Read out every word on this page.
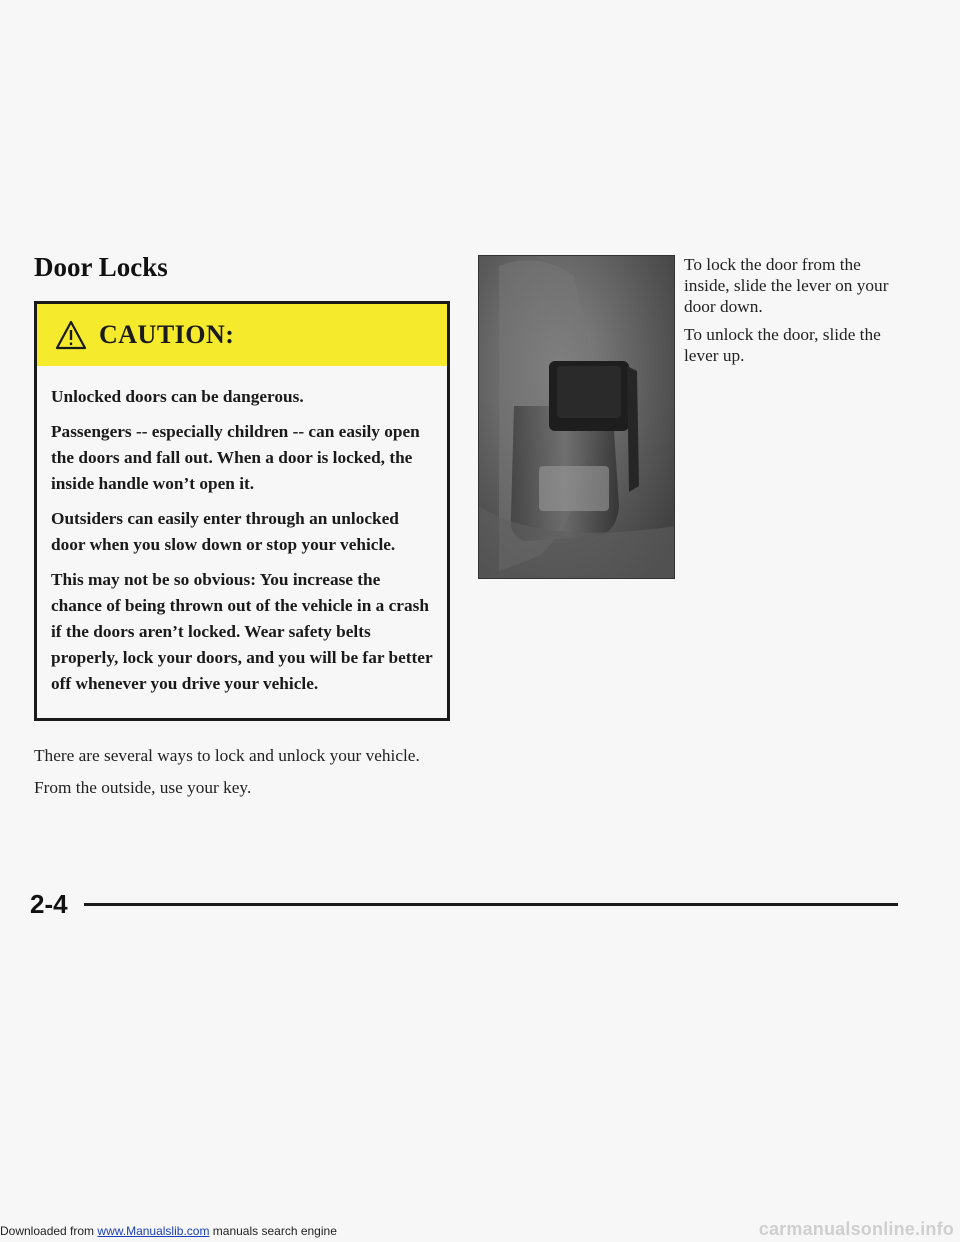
Door Locks
CAUTION:

Unlocked doors can be dangerous.

Passengers -- especially children -- can easily open the doors and fall out. When a door is locked, the inside handle won’t open it.

Outsiders can easily enter through an unlocked door when you slow down or stop your vehicle.

This may not be so obvious: You increase the chance of being thrown out of the vehicle in a crash if the doors aren’t locked. Wear safety belts properly, lock your doors, and you will be far better off whenever you drive your vehicle.

There are several ways to lock and unlock your vehicle.

From the outside, use your key.

To lock the door from the inside, slide the lever on your door down.

To unlock the door, slide the lever up.

2-4
Downloaded from www.Manualslib.com manuals search engine	carmanualsonline.info
